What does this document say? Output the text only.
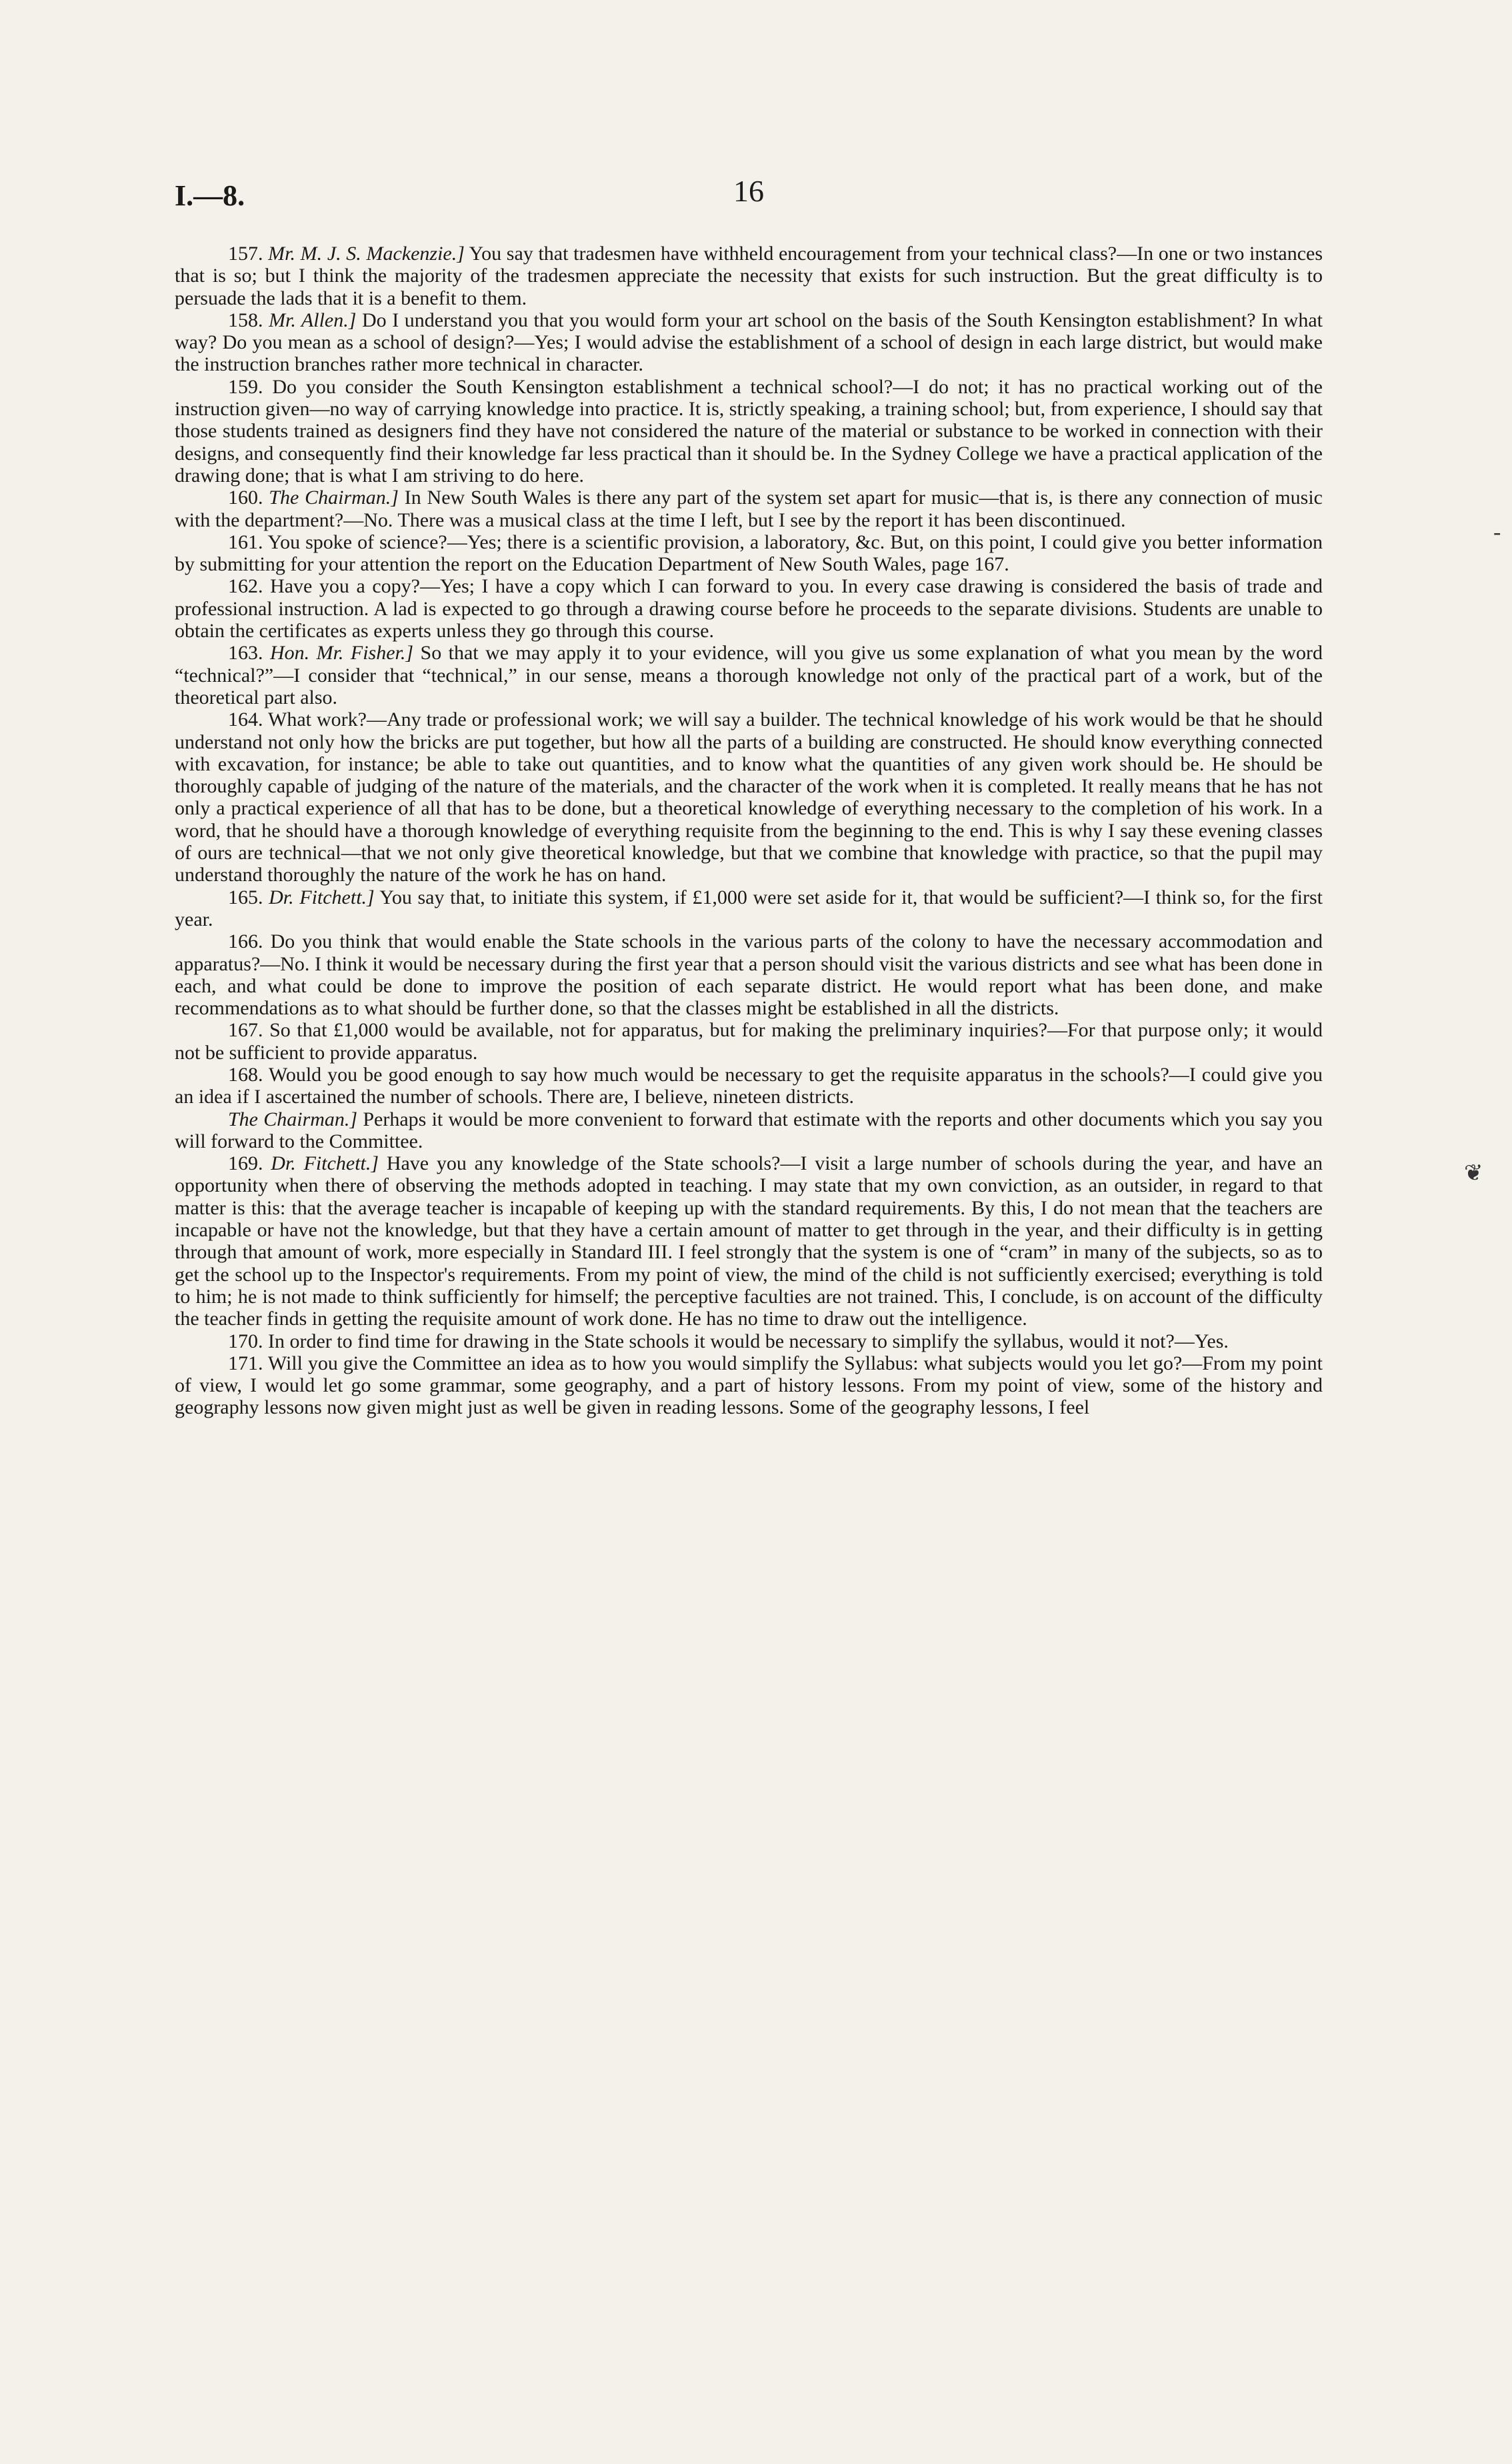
-
❦
I.—8.	16

157. Mr. M. J. S. Mackenzie.] You say that tradesmen have withheld encouragement from your technical class?—In one or two instances that is so; but I think the majority of the tradesmen appreciate the necessity that exists for such instruction. But the great difficulty is to persuade the lads that it is a benefit to them.

158. Mr. Allen.] Do I understand you that you would form your art school on the basis of the South Kensington establishment? In what way? Do you mean as a school of design?—Yes; I would advise the establishment of a school of design in each large district, but would make the instruction branches rather more technical in character.

159. Do you consider the South Kensington establishment a technical school?—I do not; it has no practical working out of the instruction given—no way of carrying knowledge into practice. It is, strictly speaking, a training school; but, from experience, I should say that those students trained as designers find they have not considered the nature of the material or substance to be worked in connection with their designs, and consequently find their knowledge far less practical than it should be. In the Sydney College we have a practical application of the drawing done; that is what I am striving to do here.

160. The Chairman.] In New South Wales is there any part of the system set apart for music—that is, is there any connection of music with the department?—No. There was a musical class at the time I left, but I see by the report it has been discontinued.

161. You spoke of science?—Yes; there is a scientific provision, a laboratory, &c. But, on this point, I could give you better information by submitting for your attention the report on the Education Department of New South Wales, page 167.

162. Have you a copy?—Yes; I have a copy which I can forward to you. In every case drawing is considered the basis of trade and professional instruction. A lad is expected to go through a drawing course before he proceeds to the separate divisions. Students are unable to obtain the certificates as experts unless they go through this course.

163. Hon. Mr. Fisher.] So that we may apply it to your evidence, will you give us some explanation of what you mean by the word “technical?”—I consider that “technical,” in our sense, means a thorough knowledge not only of the practical part of a work, but of the theoretical part also.

164. What work?—Any trade or professional work; we will say a builder. The technical knowledge of his work would be that he should understand not only how the bricks are put together, but how all the parts of a building are constructed. He should know everything connected with excavation, for instance; be able to take out quantities, and to know what the quantities of any given work should be. He should be thoroughly capable of judging of the nature of the materials, and the character of the work when it is completed. It really means that he has not only a practical experience of all that has to be done, but a theoretical knowledge of everything necessary to the completion of his work. In a word, that he should have a thorough knowledge of everything requisite from the beginning to the end. This is why I say these evening classes of ours are technical—that we not only give theoretical knowledge, but that we combine that knowledge with practice, so that the pupil may understand thoroughly the nature of the work he has on hand.

165. Dr. Fitchett.] You say that, to initiate this system, if £1,000 were set aside for it, that would be sufficient?—I think so, for the first year.

166. Do you think that would enable the State schools in the various parts of the colony to have the necessary accommodation and apparatus?—No. I think it would be necessary during the first year that a person should visit the various districts and see what has been done in each, and what could be done to improve the position of each separate district. He would report what has been done, and make recommendations as to what should be further done, so that the classes might be established in all the districts.

167. So that £1,000 would be available, not for apparatus, but for making the preliminary inquiries?—For that purpose only; it would not be sufficient to provide apparatus.

168. Would you be good enough to say how much would be necessary to get the requisite apparatus in the schools?—I could give you an idea if I ascertained the number of schools. There are, I believe, nineteen districts.

The Chairman.] Perhaps it would be more convenient to forward that estimate with the reports and other documents which you say you will forward to the Committee.

169. Dr. Fitchett.] Have you any knowledge of the State schools?—I visit a large number of schools during the year, and have an opportunity when there of observing the methods adopted in teaching. I may state that my own conviction, as an outsider, in regard to that matter is this: that the average teacher is incapable of keeping up with the standard requirements. By this, I do not mean that the teachers are incapable or have not the knowledge, but that they have a certain amount of matter to get through in the year, and their difficulty is in getting through that amount of work, more especially in Standard III. I feel strongly that the system is one of “cram” in many of the subjects, so as to get the school up to the Inspector's requirements. From my point of view, the mind of the child is not sufficiently exercised; everything is told to him; he is not made to think sufficiently for himself; the perceptive faculties are not trained. This, I conclude, is on account of the difficulty the teacher finds in getting the requisite amount of work done. He has no time to draw out the intelligence.

170. In order to find time for drawing in the State schools it would be necessary to simplify the syllabus, would it not?—Yes.

171. Will you give the Committee an idea as to how you would simplify the Syllabus: what subjects would you let go?—From my point of view, I would let go some grammar, some geography, and a part of history lessons. From my point of view, some of the history and geography lessons now given might just as well be given in reading lessons. Some of the geography lessons, I feel
